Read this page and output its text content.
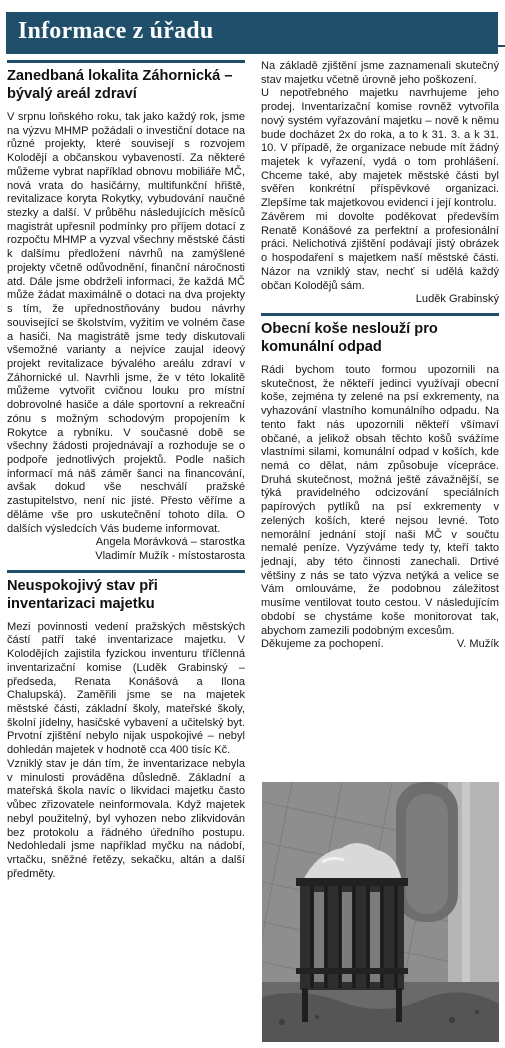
Informace z úřadu
Zanedbaná lokalita Záhornická – bývalý areál zdraví

V srpnu loňského roku, tak jako každý rok, jsme na výzvu MHMP požádali o investiční dotace na různé projekty, které souvisejí s rozvojem Kolodějí a občanskou vybaveností. Za některé můžeme vybrat například obnovu mobiliáře MČ, nová vrata do hasičárny, multifunkční hřiště, revitalizace koryta Rokytky, vybudování naučné stezky a další. V průběhu následujících měsíců magistrát upřesnil podmínky pro příjem dotací z rozpočtu MHMP a vyzval všechny městské části k dalšímu předložení návrhů na zamýšlené projekty včetně odůvodnění, finanční náročnosti atd. Dále jsme obdrželi informaci, že každá MČ může žádat maximálně o dotaci na dva projekty s tím, že upřednostňovány budou návrhy související se školstvím, vyžitím ve volném čase a hasiči. Na magistrátě jsme tedy diskutovali všemožné varianty a nejvíce zaujal ideový projekt revitalizace bývalého areálu zdraví v Záhornické ul. Navrhli jsme, že v této lokalitě můžeme vytvořit cvičnou louku pro místní dobrovolné hasiče a dále sportovní a rekreační zónu s možným schodovým propojením k Rokytce a rybníku. V současné době se všechny žádosti projednávají a rozhoduje se o podpoře jednotlivých projektů. Podle našich informací má náš záměr šanci na financování, avšak dokud vše neschválí pražské zastupitelstvo, není nic jisté. Přesto věříme a děláme vše pro uskutečnění tohoto díla. O dalších výsledcích Vás budeme informovat.

Angela Morávková – starostka
Vladimír Mužík - místostarosta
Neuspokojivý stav při inventarizaci majetku

Mezi povinnosti vedení pražských městských částí patří také inventarizace majetku. V Kolodějích zajistila fyzickou inventuru tříčlenná inventarizační komise (Luděk Grabinský – předseda, Renata Konášová a Ilona Chalupská). Zaměřili jsme se na majetek městské části, základní školy, mateřské školy, školní jídelny, hasičské vybavení a učitelský byt. Prvotní zjištění nebylo nijak uspokojivé – nebyl dohledán majetek v hodnotě cca 400 tisíc Kč.

Vzniklý stav je dán tím, že inventarizace nebyla v minulosti prováděna důsledně. Základní a mateřská škola navíc o likvidaci majetku často vůbec zřizovatele neinformovala. Když majetek nebyl použitelný, byl vyhozen nebo zlikvidován bez protokolu a řádného úředního postupu. Nedohledali jsme například myčku na nádobí, vrtačku, sněžné řetězy, sekačku, altán a další předměty.

Na základě zjištění jsme zaznamenali skutečný stav majetku včetně úrovně jeho poškození.

U nepotřebného majetku navrhujeme jeho prodej. Inventarizační komise rovněž vytvořila nový systém vyřazování majetku – nově k němu bude docházet 2x do roka, a to k 31. 3. a k 31. 10. V případě, že organizace nebude mít žádný majetek k vyřazení, vydá o tom prohlášení. Chceme také, aby majetek městské části byl svěřen konkrétní příspěvkové organizaci. Zlepšíme tak majetkovou evidenci i její kontrolu.

Závěrem mi dovolte poděkovat především Renatě Konášové za perfektní a profesionální práci. Nelichotivá zjištění podávají jistý obrázek o hospodaření s majetkem naší městské části. Názor na vzniklý stav, nechť si udělá každý občan Kolodějů sám.

Luděk Grabinský
Obecní koše neslouží pro komunální odpad

Rádi bychom touto formou upozornili na skutečnost, že někteří jedinci využívají obecní koše, zejména ty zelené na psí exkrementy, na vyhazování vlastního komunálního odpadu. Na tento fakt nás upozornili někteří všímaví občané, a jelikož obsah těchto košů svážíme vlastními silami, komunální odpad v koších, kde nemá co dělat, nám způsobuje vícepráce. Druhá skutečnost, možná ještě závažnější, se týká pravidelného odcizování speciálních papírových pytlíků na psí exkrementy v zelených koších, které nejsou levné. Toto nemorální jednání stojí naši MČ v součtu nemalé peníze. Vyzýváme tedy ty, kteří takto jednají, aby této činnosti zanechali. Drtivé většiny z nás se tato výzva netýká a velice se Vám omlouváme, že podobnou záležitost musíme ventilovat touto cestou. V následujícím období se chystáme koše monitorovat tak, abychom zamezili podobným excesům.

Děkujeme za pochopení.	V. Mužík
